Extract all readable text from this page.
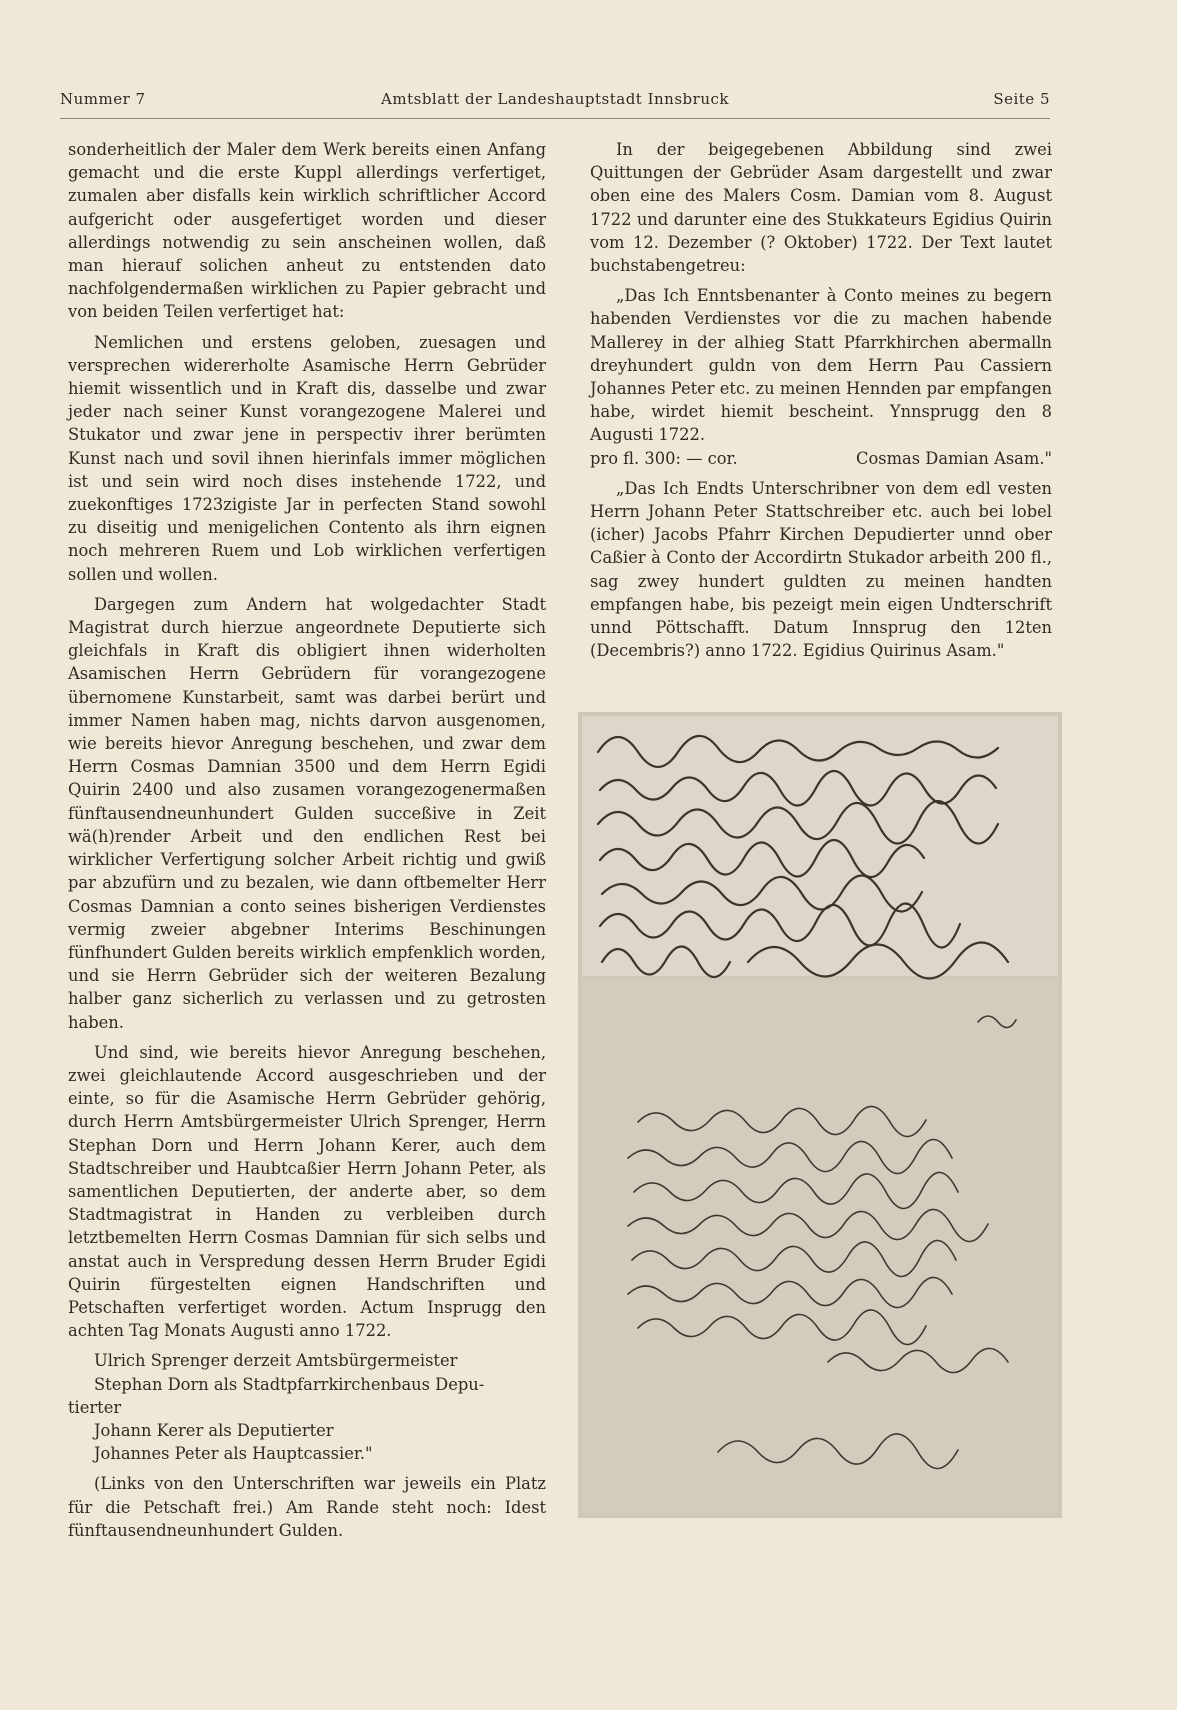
Nummer 7	Amtsblatt der Landeshauptstadt Innsbruck	Seite 5

sonderheitlich der Maler dem Werk bereits einen Anfang gemacht und die erste Kuppl allerdings verfertiget, zumalen aber disfalls kein wirklich schriftlicher Accord aufgericht oder ausgefertiget worden und dieser allerdings notwendig zu sein anscheinen wollen, daß man hierauf solichen anheut zu entstenden dato nachfolgendermaßen wirklichen zu Papier gebracht und von beiden Teilen verfertiget hat:

Nemlichen und erstens geloben, zuesagen und versprechen widererholte Asamische Herrn Gebrüder hiemit wissentlich und in Kraft dis, dasselbe und zwar jeder nach seiner Kunst vorangezogene Malerei und Stukator und zwar jene in perspectiv ihrer berümten Kunst nach und sovil ihnen hierinfals immer möglichen ist und sein wird noch dises instehende 1722, und zuekonftiges 1723zigiste Jar in perfecten Stand sowohl zu diseitig und menigelichen Contento als ihrn eignen noch mehreren Ruem und Lob wirklichen verfertigen sollen und wollen.

Dargegen zum Andern hat wolgedachter Stadt Magistrat durch hierzue angeordnete Deputierte sich gleichfals in Kraft dis obligiert ihnen widerholten Asamischen Herrn Gebrüdern für vorangezogene übernomene Kunstarbeit, samt was darbei berürt und immer Namen haben mag, nichts darvon ausgenomen, wie bereits hievor Anregung beschehen, und zwar dem Herrn Cosmas Damnian 3500 und dem Herrn Egidi Quirin 2400 und also zusamen vorangezogenermaßen fünftausendneunhundert Gulden succeßive in Zeit wä(h)render Arbeit und den endlichen Rest bei wirklicher Verfertigung solcher Arbeit richtig und gwiß par abzufürn und zu bezalen, wie dann oftbemelter Herr Cosmas Damnian a conto seines bisherigen Verdienstes vermig zweier abgebner Interims Beschinungen fünfhundert Gulden bereits wirklich empfenklich worden, und sie Herrn Gebrüder sich der weiteren Bezalung halber ganz sicherlich zu verlassen und zu getrosten haben.

Und sind, wie bereits hievor Anregung beschehen, zwei gleichlautende Accord ausgeschrieben und der einte, so für die Asamische Herrn Gebrüder gehörig, durch Herrn Amtsbürgermeister Ulrich Sprenger, Herrn Stephan Dorn und Herrn Johann Kerer, auch dem Stadtschreiber und Haubtcaßier Herrn Johann Peter, als samentlichen Deputierten, der anderte aber, so dem Stadtmagistrat in Handen zu verbleiben durch letztbemelten Herrn Cosmas Damnian für sich selbs und anstat auch in Verspredung dessen Herrn Bruder Egidi Quirin fürgestelten eignen Handschriften und Petschaften verfertiget worden. Actum Insprugg den achten Tag Monats Augusti anno 1722.

Ulrich Sprenger derzeit Amtsbürgermeister
Stephan Dorn als Stadtpfarrkirchenbaus Depu-
tierter
Johann Kerer als Deputierter
Johannes Peter als Hauptcassier."

(Links von den Unterschriften war jeweils ein Platz für die Petschaft frei.) Am Rande steht noch: Idest fünftausendneunhundert Gulden.

In der beigegebenen Abbildung sind zwei Quittungen der Gebrüder Asam dargestellt und zwar oben eine des Malers Cosm. Damian vom 8. August 1722 und darunter eine des Stukkateurs Egidius Quirin vom 12. Dezember (? Oktober) 1722. Der Text lautet buchstabengetreu:

„Das Ich Enntsbenanter à Conto meines zu begern habenden Verdienstes vor die zu machen habende Mallerey in der alhieg Statt Pfarrkhirchen abermalln dreyhundert guldn von dem Herrn Pau Cassiern Johannes Peter etc. zu meinen Hennden par empfangen habe, wirdet hiemit bescheint. Ynnsprugg den 8 Augusti 1722.

pro fl. 300: — cor.	Cosmas Damian Asam."

„Das Ich Endts Unterschribner von dem edl vesten Herrn Johann Peter Stattschreiber etc. auch bei lobel (icher) Jacobs Pfahrr Kirchen Depudierter unnd ober Caßier à Conto der Accordirtn Stukador arbeith 200 fl., sag zwey hundert guldten zu meinen handten empfangen habe, bis pezeigt mein eigen Undterschrift unnd Pöttschafft. Datum Innsprug den 12ten (Decembris?) anno 1722. Egidius Quirinus Asam."
